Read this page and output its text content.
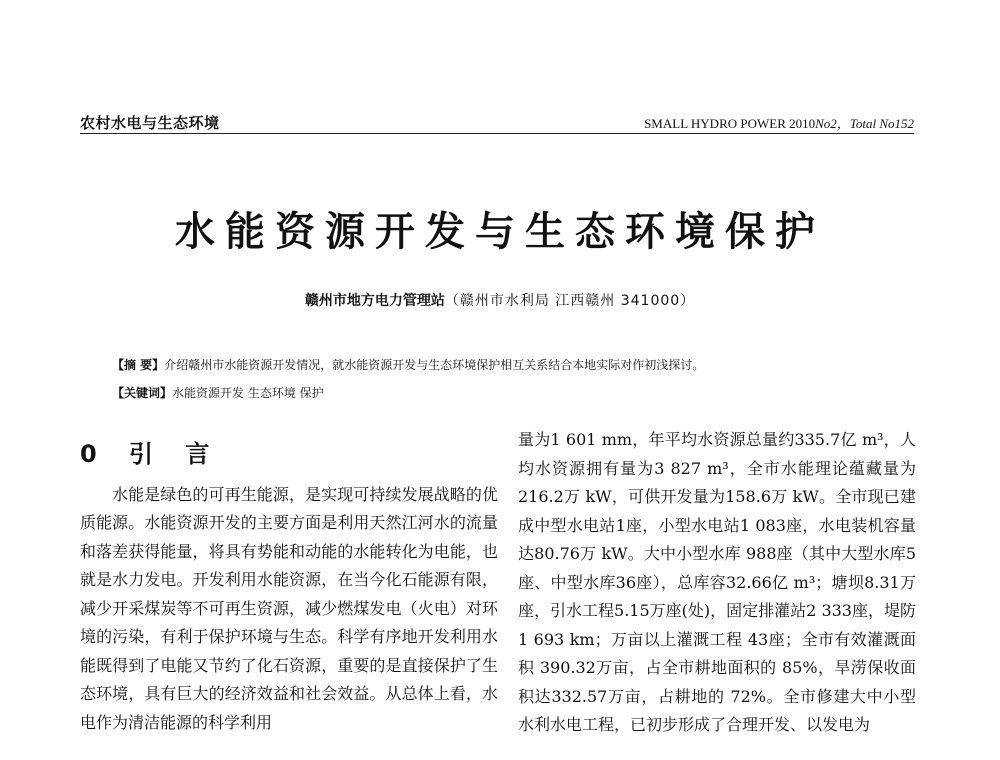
农村水电与生态环境	SMALL HYDRO POWER 2010No2，Total No152
水能资源开发与生态环境保护
赣州市地方电力管理站（赣州市水利局 江西赣州 341000）
【摘 要】介绍赣州市水能资源开发情况，就水能资源开发与生态环境保护相互关系结合本地实际对作初浅探讨。
【关键词】水能资源开发 生态环境 保护
0 引 言

水能是绿色的可再生能源，是实现可持续发展战略的优质能源。水能资源开发的主要方面是利用天然江河水的流量和落差获得能量，将具有势能和动能的水能转化为电能，也就是水力发电。开发利用水能资源，在当今化石能源有限，减少开采煤炭等不可再生资源，减少燃煤发电（火电）对环境的污染，有利于保护环境与生态。科学有序地开发利用水能既得到了电能又节约了化石资源，重要的是直接保护了生态环境，具有巨大的经济效益和社会效益。从总体上看，水电作为清洁能源的科学利用

量为1 601 mm，年平均水资源总量约335.7亿 m³，人均水资源拥有量为3 827 m³，全市水能理论蕴藏量为216.2万 kW，可供开发量为158.6万 kW。全市现已建成中型水电站1座，小型水电站1 083座，水电装机容量达80.76万 kW。大中小型水库 988座（其中大型水库5座、中型水库36座），总库容32.66亿 m³；塘坝8.31万座，引水工程5.15万座(处)，固定排灌站2 333座，堤防1 693 km；万亩以上灌溉工程 43座；全市有效灌溉面积 390.32万亩，占全市耕地面积的 85%，旱涝保收面积达332.57万亩，占耕地的 72%。全市修建大中小型水利水电工程，已初步形成了合理开发、以发电为
